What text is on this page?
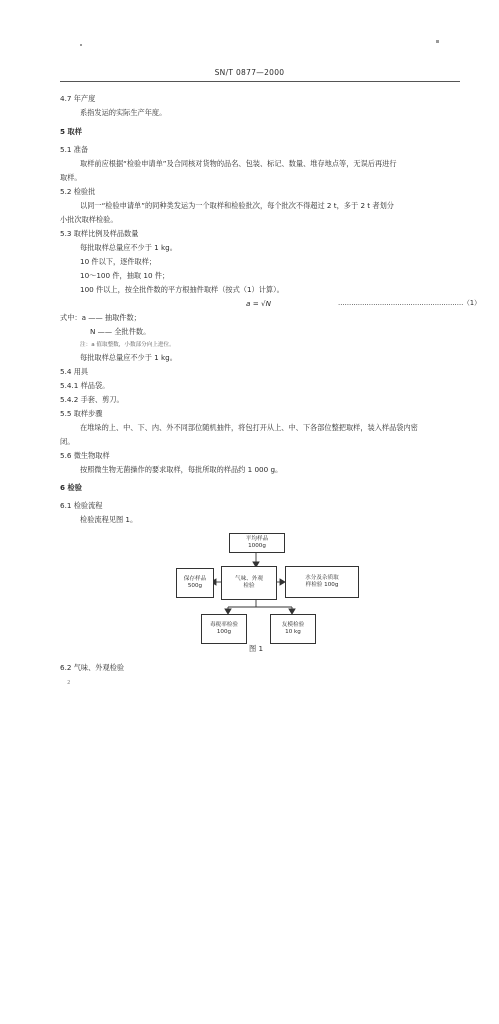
SN/T 0877—2000
4.7 年产度
系指发运的实际生产年度。
5 取样
5.1 准备
取样前应根据“检验申请单”及合同核对货物的品名、包装、标记、数量、堆存地点等，无误后再进行
取样。
5.2 检验批
以同一“检验申请单”的同种类发运为一个取样和检验批次，每个批次不得超过 2 t，多于 2 t 者划分
小批次取样检验。
5.3 取样比例及样品数量
每批取样总量应不少于 1 kg。
10 件以下，逐件取样；
10～100 件，抽取 10 件；
100 件以上，按全批件数的平方根抽件取样（按式（1）计算）。
a = √N	…………………………………………………（1）
式中：a —— 抽取件数；
N —— 全批件数。
注：a 值取整数，小数部分向上进位。
每批取样总量应不少于 1 kg。
5.4 用具
5.4.1 样品袋。
5.4.2 手套、剪刀。
5.5 取样步骤
在堆垛的上、中、下、内、外不同部位随机抽件，将包打开从上、中、下各部位整把取样，装入样品袋内密
闭。
5.6 微生物取样
按照微生物无菌操作的要求取样，每批所取的样品约 1 000 g。
6 检验
6.1 检验流程
检验流程见图 1。
平均样品
1000g
保存样品
500g
气味、外观
检验
水分及杂质取
样检验 100g
毒税率检验
100g
友模检验
10 kg
图 1
6.2 气味、外观检验
2
